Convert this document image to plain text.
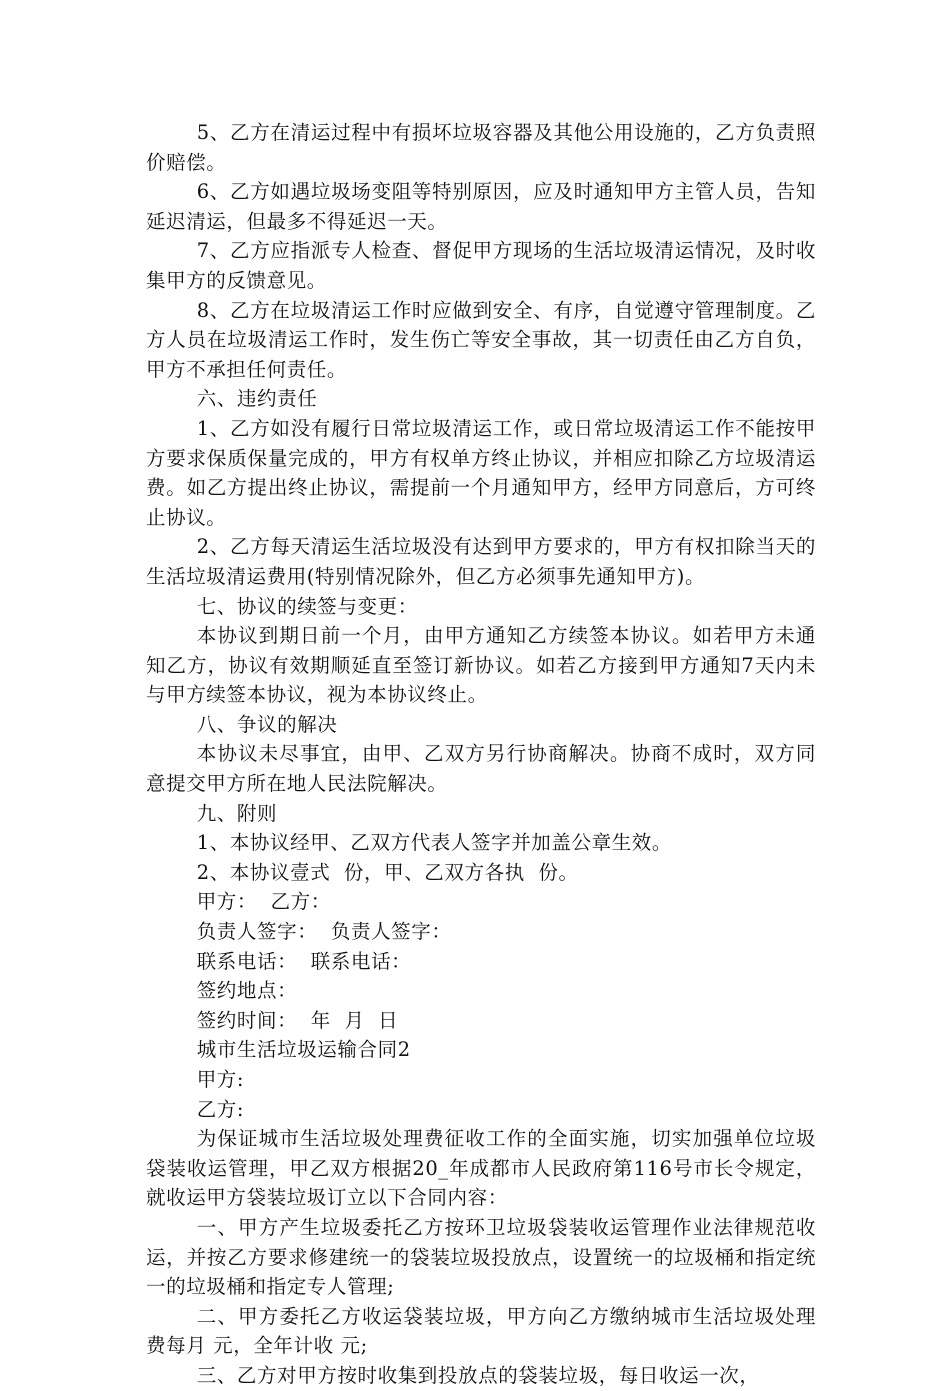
5、乙方在清运过程中有损坏垃圾容器及其他公用设施的，乙方负责照价赔偿。

6、乙方如遇垃圾场变阻等特别原因，应及时通知甲方主管人员，告知延迟清运，但最多不得延迟一天。

7、乙方应指派专人检查、督促甲方现场的生活垃圾清运情况，及时收集甲方的反馈意见。

8、乙方在垃圾清运工作时应做到安全、有序，自觉遵守管理制度。乙方人员在垃圾清运工作时，发生伤亡等安全事故，其一切责任由乙方自负，甲方不承担任何责任。

六、违约责任

1、乙方如没有履行日常垃圾清运工作，或日常垃圾清运工作不能按甲方要求保质保量完成的，甲方有权单方终止协议，并相应扣除乙方垃圾清运费。如乙方提出终止协议，需提前一个月通知甲方，经甲方同意后，方可终止协议。

2、乙方每天清运生活垃圾没有达到甲方要求的，甲方有权扣除当天的生活垃圾清运费用(特别情况除外，但乙方必须事先通知甲方)。

七、协议的续签与变更：

本协议到期日前一个月，由甲方通知乙方续签本协议。如若甲方未通知乙方，协议有效期顺延直至签订新协议。如若乙方接到甲方通知7天内未与甲方续签本协议，视为本协议终止。

八、争议的解决

本协议未尽事宜，由甲、乙双方另行协商解决。协商不成时，双方同意提交甲方所在地人民法院解决。

九、附则

1、本协议经甲、乙双方代表人签字并加盖公章生效。

2、本协议壹式  份，甲、乙双方各执  份。

甲方：  乙方：

负责人签字：  负责人签字：

联系电话：  联系电话：

签约地点：

签约时间：  年  月  日

城市生活垃圾运输合同2

甲方:

乙方:

为保证城市生活垃圾处理费征收工作的全面实施，切实加强单位垃圾袋装收运管理，甲乙双方根据20_年成都市人民政府第116号市长令规定，就收运甲方袋装垃圾订立以下合同内容：

一、甲方产生垃圾委托乙方按环卫垃圾袋装收运管理作业法律规范收运，并按乙方要求修建统一的袋装垃圾投放点，设置统一的垃圾桶和指定统一的垃圾桶和指定专人管理;

二、甲方委托乙方收运袋装垃圾，甲方向乙方缴纳城市生活垃圾处理费每月 元，全年计收 元;

三、乙方对甲方按时收集到投放点的袋装垃圾，每日收运一次，
